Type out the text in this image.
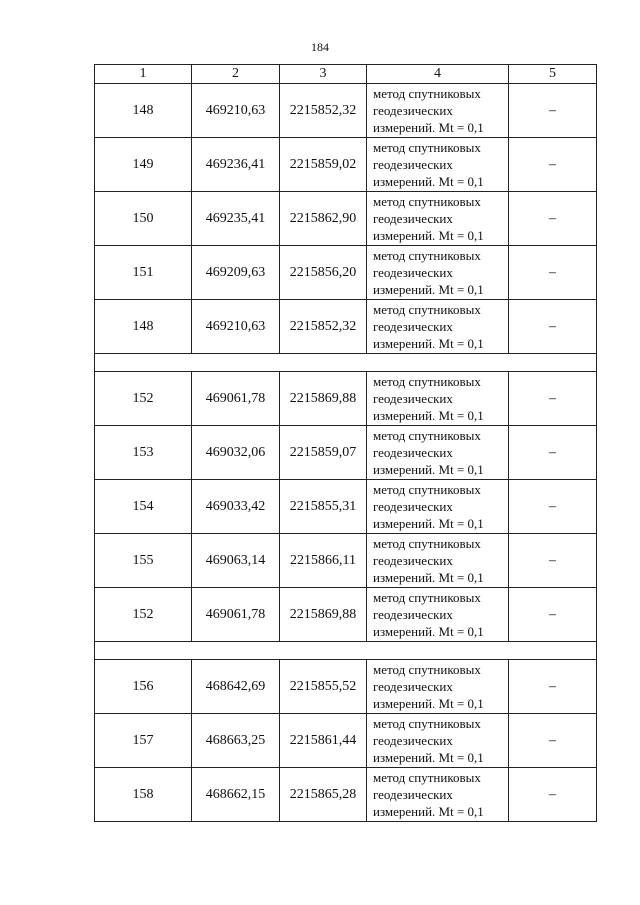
184
1	2	3	4	5
148	469210,63	2215852,32	метод спутниковых
геодезических
измерений. Mt = 0,1	–
149	469236,41	2215859,02	метод спутниковых
геодезических
измерений. Mt = 0,1	–
150	469235,41	2215862,90	метод спутниковых
геодезических
измерений. Mt = 0,1	–
151	469209,63	2215856,20	метод спутниковых
геодезических
измерений. Mt = 0,1	–
148	469210,63	2215852,32	метод спутниковых
геодезических
измерений. Mt = 0,1	–

152	469061,78	2215869,88	метод спутниковых
геодезических
измерений. Mt = 0,1	–
153	469032,06	2215859,07	метод спутниковых
геодезических
измерений. Mt = 0,1	–
154	469033,42	2215855,31	метод спутниковых
геодезических
измерений. Mt = 0,1	–
155	469063,14	2215866,11	метод спутниковых
геодезических
измерений. Mt = 0,1	–
152	469061,78	2215869,88	метод спутниковых
геодезических
измерений. Mt = 0,1	–

156	468642,69	2215855,52	метод спутниковых
геодезических
измерений. Mt = 0,1	–
157	468663,25	2215861,44	метод спутниковых
геодезических
измерений. Mt = 0,1	–
158	468662,15	2215865,28	метод спутниковых
геодезических
измерений. Mt = 0,1	–
